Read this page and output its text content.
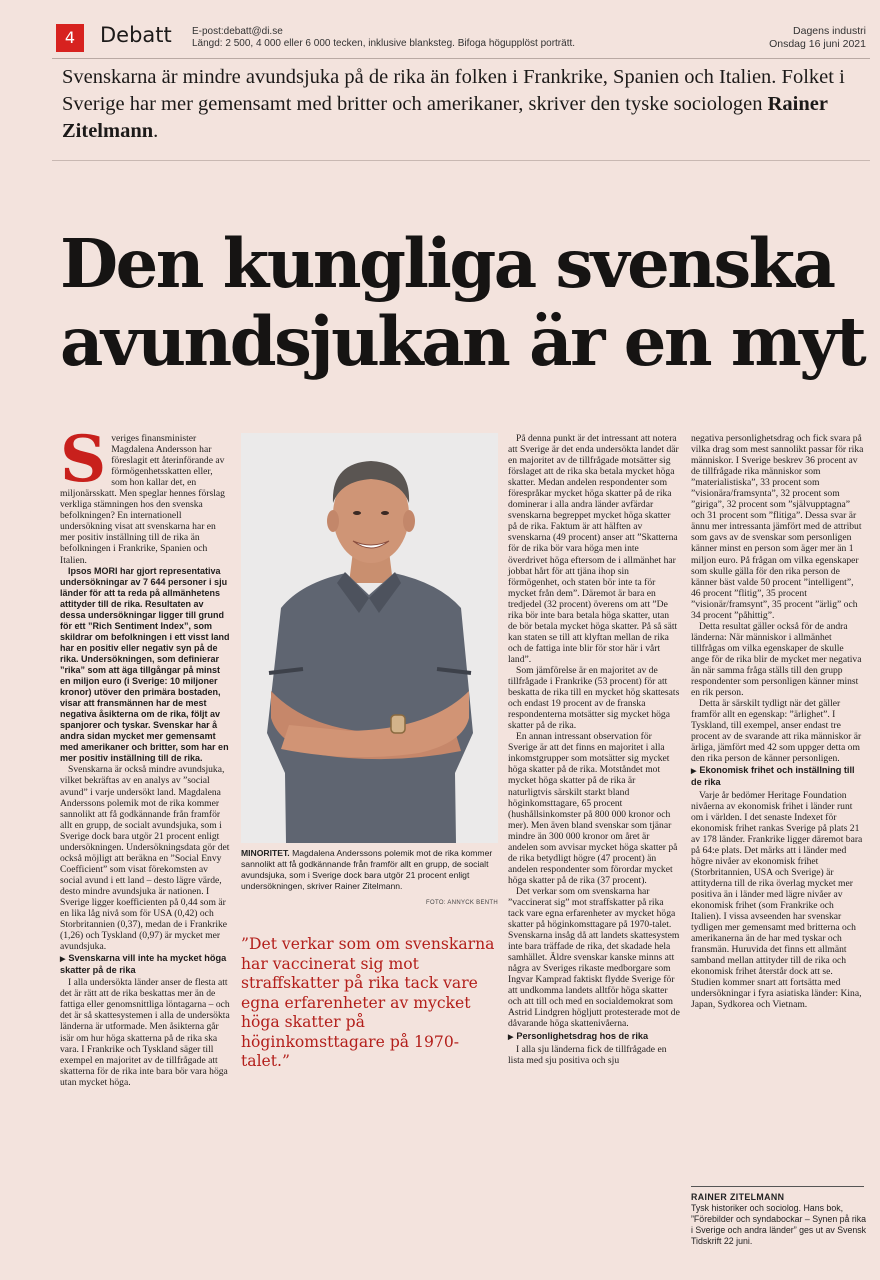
4	Debatt E-post:debatt@di.se
Längd: 2 500, 4 000 eller 6 000 tecken, inklusive blanksteg. Bifoga högupplöst porträtt.
Dagens industri
Onsdag 16 juni 2021
Svenskarna är mindre avundsjuka på de rika än folken i Frankrike, Spanien och Italien. Folket i Sverige har mer gemensamt med britter och amerikaner, skriver den tyske sociologen Rainer Zitelmann.
Den kungliga svenska
avundsjukan är en myt

Sveriges finansminister Magdalena Andersson har föreslagit ett återinförande av förmögenhetsskatten eller, som hon kallar det, en miljonärsskatt. Men speglar hennes förslag verkliga stämningen hos den svenska befolkningen? En internationell undersökning visat att svenskarna har en mer positiv inställning till de rika än befolkningen i Frankrike, Spanien och Italien.

Ipsos MORI har gjort representativa undersökningar av 7 644 personer i sju länder för att ta reda på allmänhetens attityder till de rika. Resultaten av dessa undersökningar ligger till grund för ett ”Rich Sentiment Index”, som skildrar om befolkningen i ett visst land har en positiv eller negativ syn på de rika. Undersökningen, som definierar ”rika” som att äga tillgångar på minst en miljon euro (i Sverige: 10 miljoner kronor) utöver den primära bostaden, visar att fransmännen har de mest negativa åsikterna om de rika, följt av spanjorer och tyskar. Svenskar har å andra sidan mycket mer gemensamt med amerikaner och britter, som har en mer positiv inställning till de rika.

Svenskarna är också mindre avundsjuka, vilket bekräftas av en analys av ”social avund” i varje undersökt land. Magdalena Anderssons polemik mot de rika kommer sannolikt att få godkännande från framför allt en grupp, de socialt avundsjuka, som i Sverige dock bara utgör 21 procent enligt undersökningen. Undersökningsdata gör det också möjligt att beräkna en ”Social Envy Coefficient” som visat förekomsten av social avund i ett land – desto lägre värde, desto mindre avundsjuka är nationen. I Sverige ligger koefficienten på 0,44 som är en lika låg nivå som för USA (0,42) och Storbritannien (0,37), medan de i Frankrike (1,26) och Tyskland (0,97) är mycket mer avundsjuka.

▶ Svenskarna vill inte ha mycket höga skatter på de rika

I alla undersökta länder anser de flesta att det är rätt att de rika beskattas mer än de fattiga eller genomsnittliga löntagarna – och det är så skattesystemen i alla de undersökta länderna är utformade. Men åsikterna går isär om hur höga skatterna på de rika ska vara. I Frankrike och Tyskland säger till exempel en majoritet av de tillfrågade att skatterna för de rika inte bara bör vara höga utan mycket höga.

MINORITET. Magdalena Anderssons polemik mot de rika kommer sannolikt att få godkännande från framför allt en grupp, de socialt avundsjuka, som i Sverige dock bara utgör 21 procent enligt undersökningen, skriver Rainer Zitelmann.
FOTO: ANNYCK BENTH
”Det verkar som om svenskarna har vaccinerat sig mot straffskatter på rika tack vare egna erfarenheter av mycket höga skatter på höginkomsttagare på 1970-talet.”

På denna punkt är det intressant att notera att Sverige är det enda undersökta landet där en majoritet av de tillfrågade motsätter sig förslaget att de rika ska betala mycket höga skatter. Medan andelen respondenter som förespråkar mycket höga skatter på de rika dominerar i alla andra länder avfärdar svenskarna begreppet mycket höga skatter på de rika. Faktum är att hälften av svenskarna (49 procent) anser att ”Skatterna för de rika bör vara höga men inte överdrivet höga eftersom de i allmänhet har jobbat hårt för att tjäna ihop sin förmögenhet, och staten bör inte ta för mycket från dem”. Däremot är bara en tredjedel (32 procent) överens om att ”De rika bör inte bara betala höga skatter, utan de bör betala mycket höga skatter. På så sätt kan staten se till att klyftan mellan de rika och de fattiga inte blir för stor här i vårt land”.

Som jämförelse är en majoritet av de tillfrågade i Frankrike (53 procent) för att beskatta de rika till en mycket hög skattesats och endast 19 procent av de franska respondenterna motsätter sig mycket höga skatter på de rika.

En annan intressant observation för Sverige är att det finns en majoritet i alla inkomstgrupper som motsätter sig mycket höga skatter på de rika. Motståndet mot mycket höga skatter på de rika är naturligtvis särskilt starkt bland höginkomsttagare, 65 procent (hushållsinkomster på 800 000 kronor och mer). Men även bland svenskar som tjänar mindre än 300 000 kronor om året är andelen som avvisar mycket höga skatter på de rika betydligt högre (47 procent) än andelen respondenter som förordar mycket höga skatter på de rika (37 procent).

Det verkar som om svenskarna har ”vaccinerat sig” mot straffskatter på rika tack vare egna erfarenheter av mycket höga skatter på höginkomsttagare på 1970-talet. Svenskarna insåg då att landets skattesystem inte bara träffade de rika, det skadade hela samhället. Äldre svenskar kanske minns att några av Sveriges rikaste medborgare som Ingvar Kamprad faktiskt flydde Sverige för att undkomma landets alltför höga skatter och att till och med en socialdemokrat som Astrid Lindgren högljutt protesterade mot de dåvarande höga skattenivåerna.

▶ Personlighetsdrag hos de rika

I alla sju länderna fick de tillfrågade en lista med sju positiva och sju

negativa personlighetsdrag och fick svara på vilka drag som mest sannolikt passar för rika människor. I Sverige beskrev 36 procent av de tillfrågade rika människor som ”materialistiska”, 33 procent som ”visionära/framsynta”, 32 procent som ”giriga”, 32 procent som ”självupptagna” och 31 procent som ”flitiga”. Dessa svar är ännu mer intressanta jämfört med de attribut som gavs av de svenskar som personligen känner minst en person som äger mer än 1 miljon euro. På frågan om vilka egenskaper som skulle gälla för den rika person de känner bäst valde 50 procent ”intelligent”, 46 procent ”flitig”, 35 procent ”visionär/framsynt”, 35 procent ”ärlig” och 34 procent ”påhittig”.

Detta resultat gäller också för de andra länderna: När människor i allmänhet tillfrågas om vilka egenskaper de skulle ange för de rika blir de mycket mer negativa än när samma fråga ställs till den grupp respondenter som personligen känner minst en rik person.

Detta är särskilt tydligt när det gäller framför allt en egenskap: ”ärlighet”. I Tyskland, till exempel, anser endast tre procent av de svarande att rika människor är ärliga, jämfört med 42 som uppger detta om den rika person de känner personligen.

▶ Ekonomisk frihet och inställning till de rika

Varje år bedömer Heritage Foundation nivåerna av ekonomisk frihet i länder runt om i världen. I det senaste Indexet för ekonomisk frihet rankas Sverige på plats 21 av 178 länder. Frankrike ligger däremot bara på 64:e plats. Det märks att i länder med högre nivåer av ekonomisk frihet (Storbritannien, USA och Sverige) är attityderna till de rika överlag mycket mer positiva än i länder med lägre nivåer av ekonomisk frihet (som Frankrike och Italien). I vissa avseenden har svenskar tydligen mer gemensamt med britterna och amerikanerna än de har med tyskar och fransmän. Huruvida det finns ett allmänt samband mellan attityder till de rika och ekonomisk frihet återstår dock att se. Studien kommer snart att fortsätta med undersökningar i fyra asiatiska länder: Kina, Japan, Sydkorea och Vietnam.

RAINER ZITELMANN
Tysk historiker och sociolog. Hans bok, ”Förebilder och syndabockar – Synen på rika i Sverige och andra länder” ges ut av Svensk Tidskrift 22 juni.
